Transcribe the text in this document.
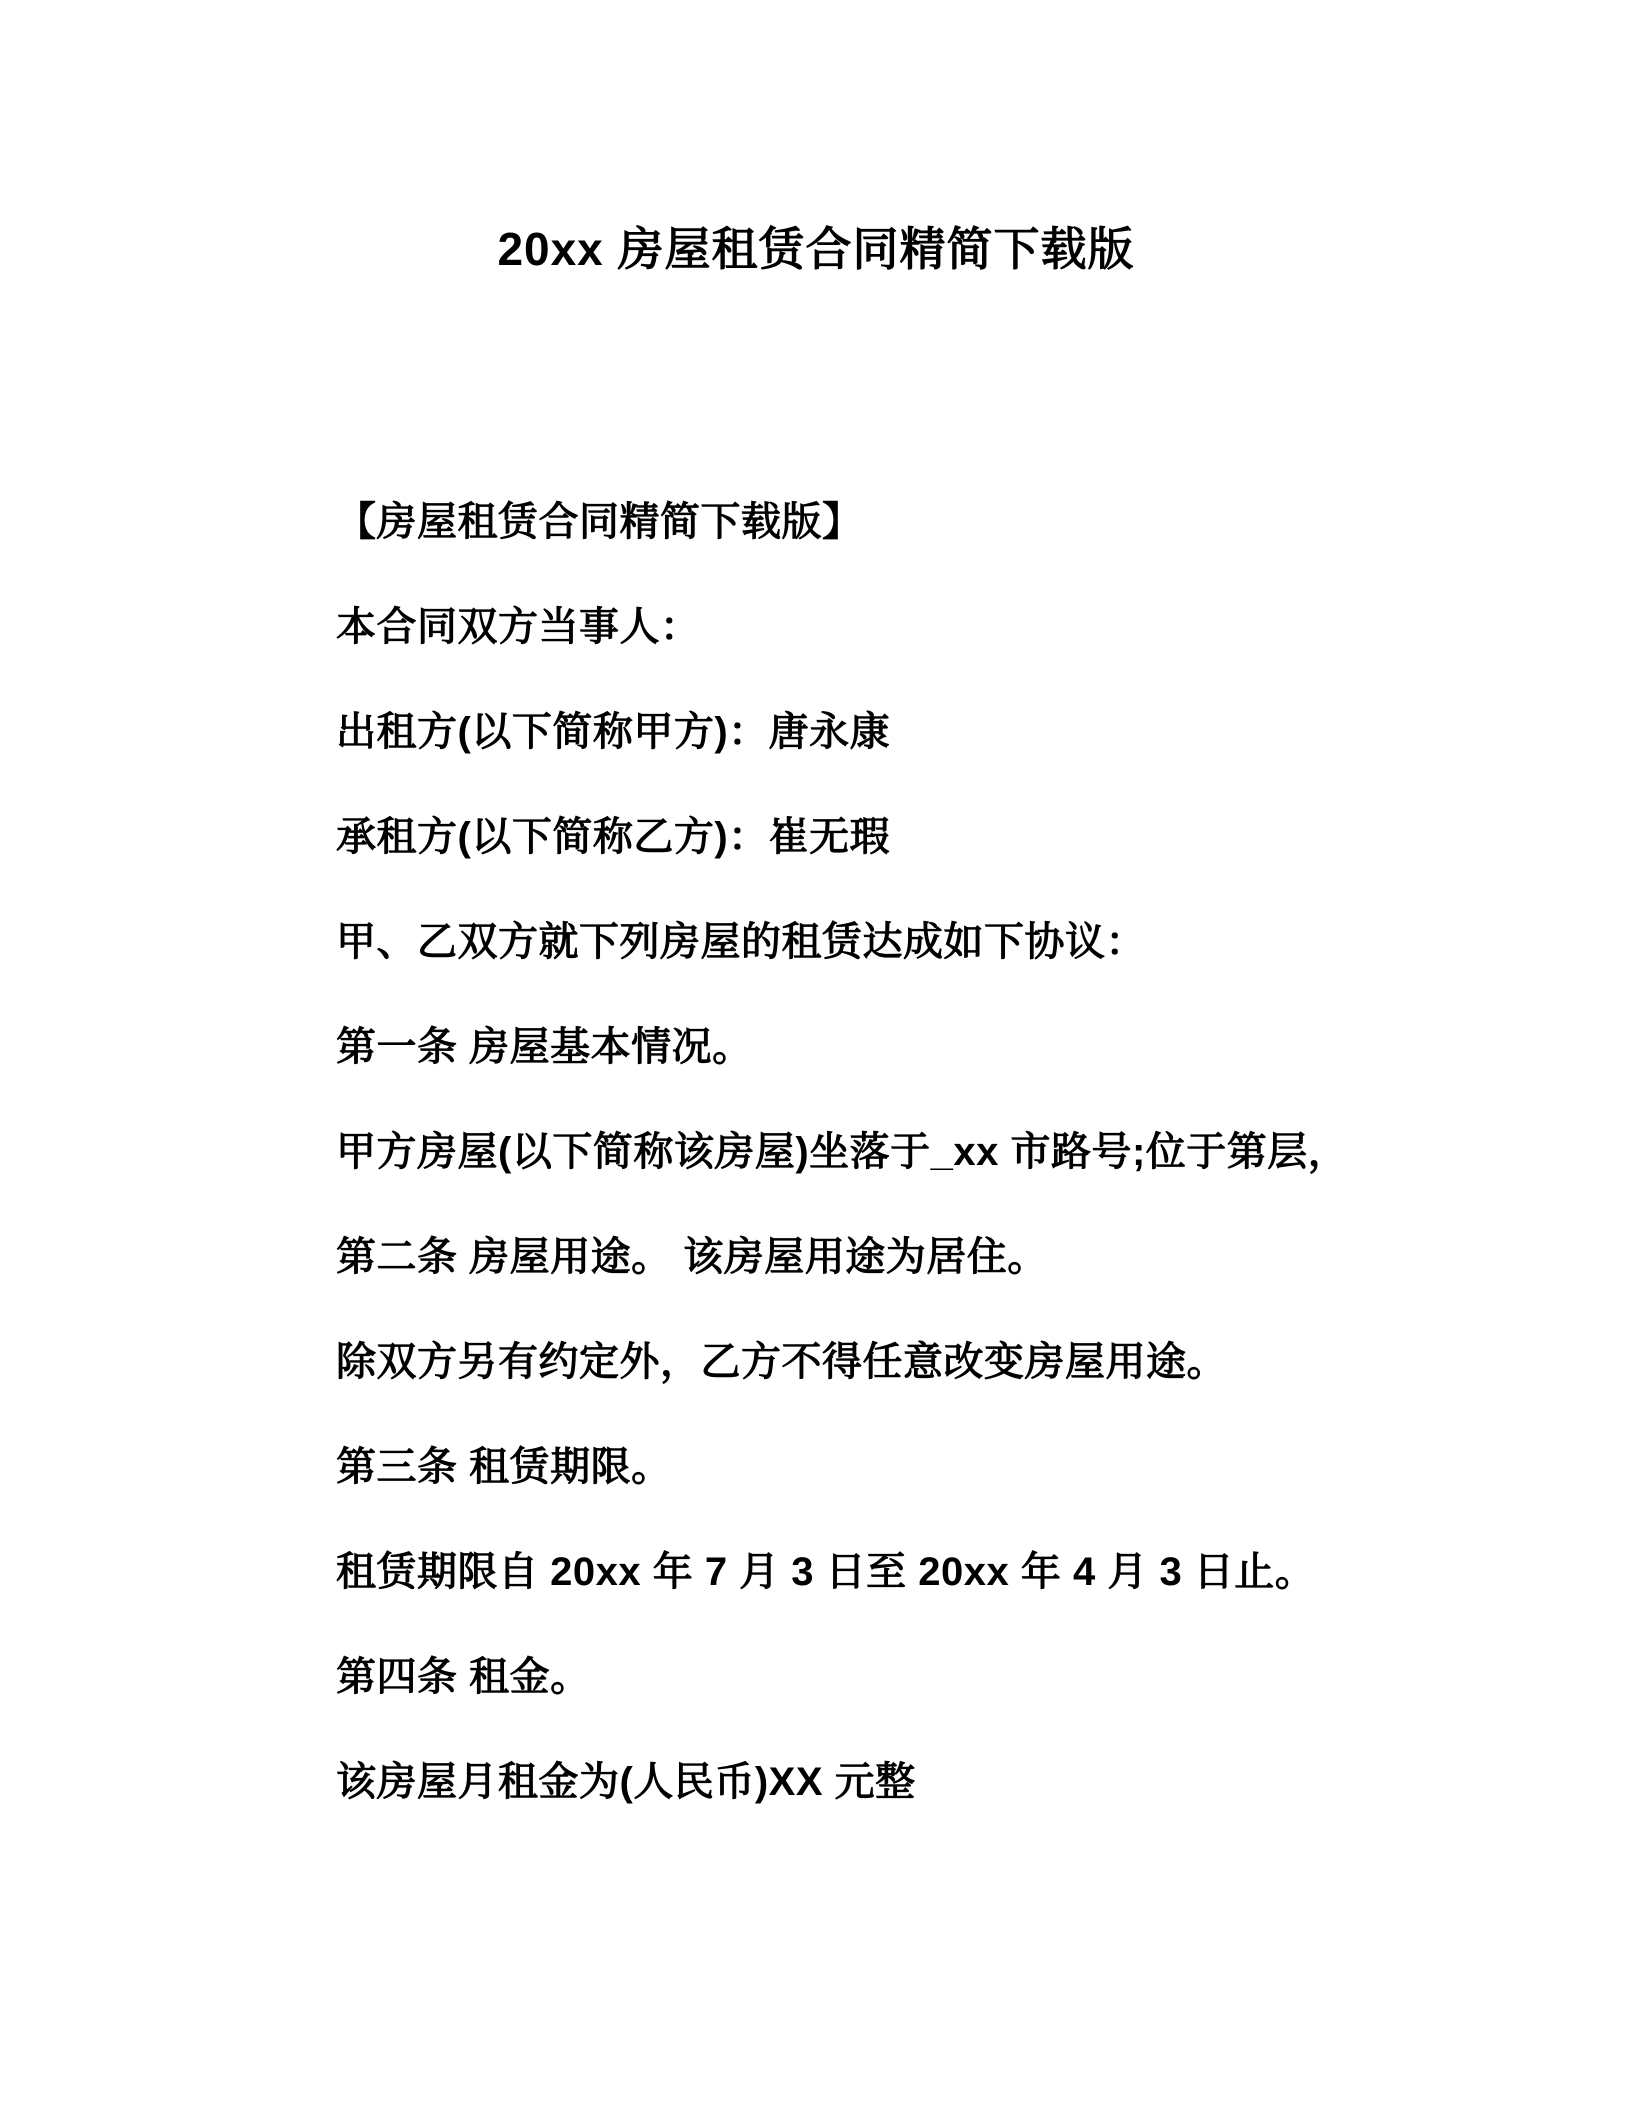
20xx 房屋租赁合同精简下载版

【房屋租赁合同精简下载版】

本合同双方当事人：

出租方(以下简称甲方)：唐永康

承租方(以下简称乙方)：崔无瑕

甲、乙双方就下列房屋的租赁达成如下协议：

第一条 房屋基本情况。

甲方房屋(以下简称该房屋)坐落于_xx 市路号;位于第层，

第二条 房屋用途。 该房屋用途为居住。

除双方另有约定外，乙方不得任意改变房屋用途。

第三条 租赁期限。

租赁期限自 20xx 年 7 月 3 日至 20xx 年 4 月 3 日止。

第四条 租金。

该房屋月租金为(人民币)XX 元整
